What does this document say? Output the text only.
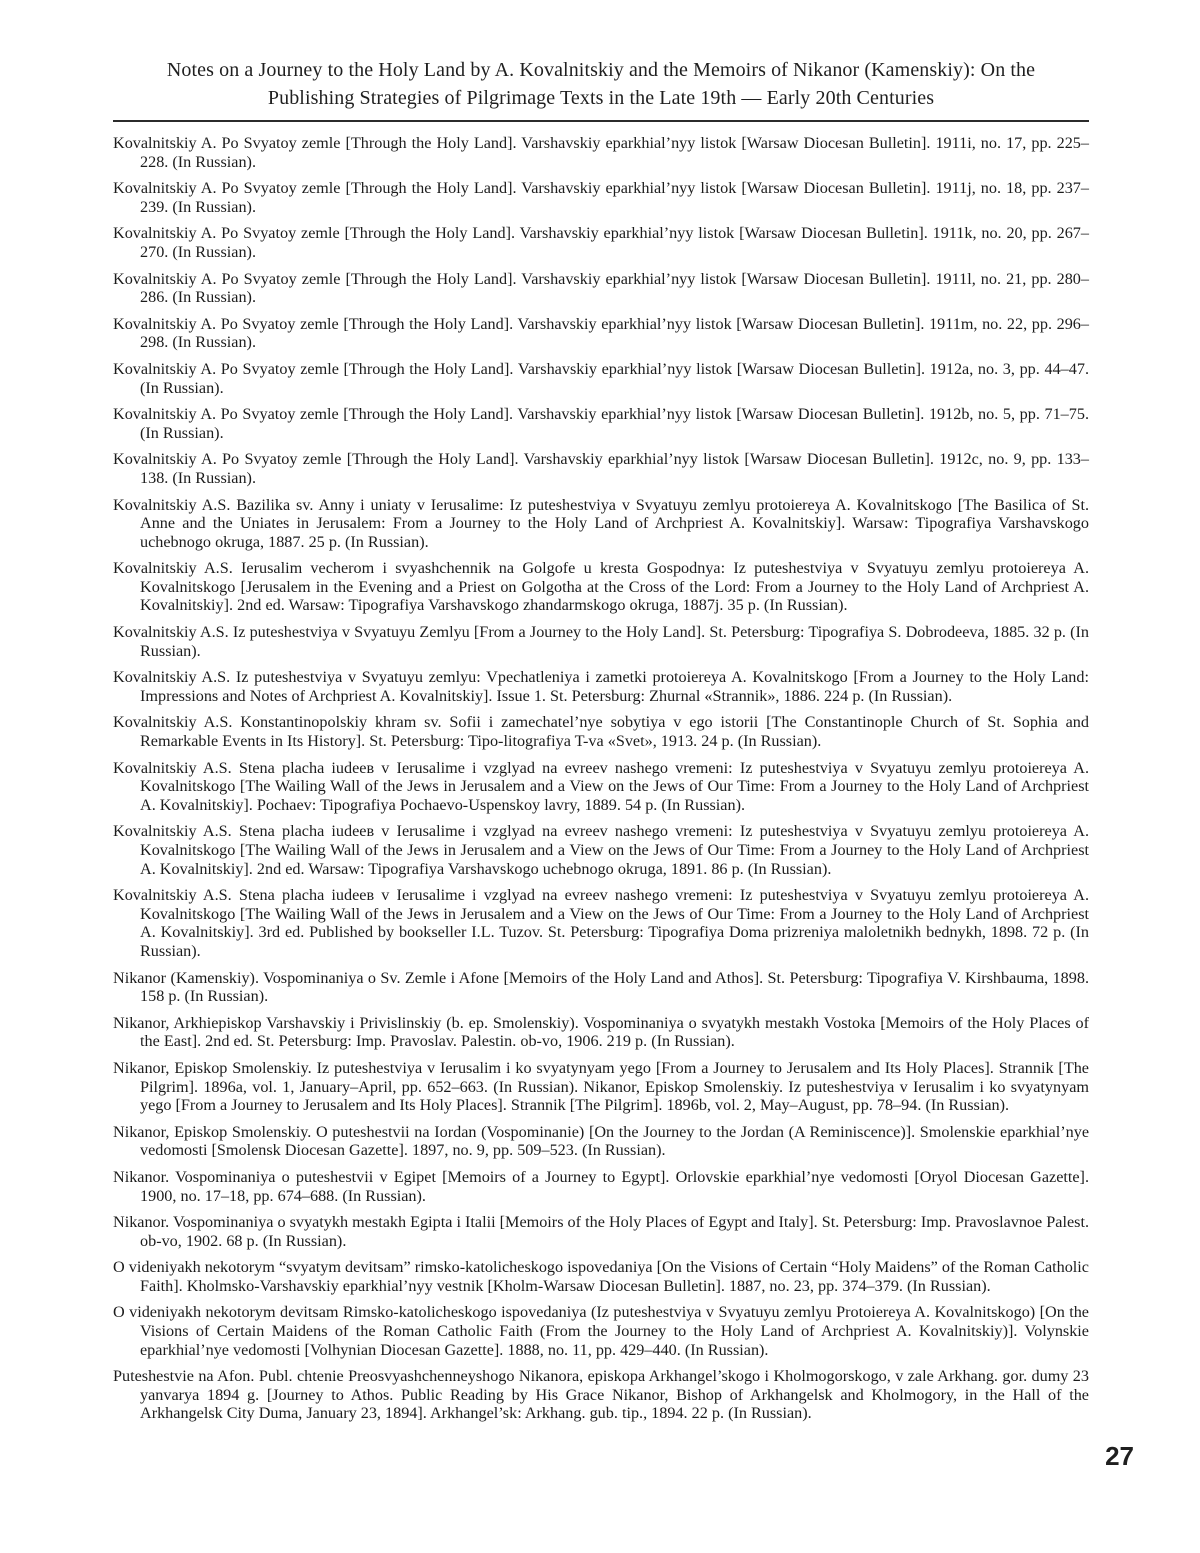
Notes on a Journey to the Holy Land by A. Kovalnitskiy and the Memoirs of Nikanor (Kamenskiy): On the
Publishing Strategies of Pilgrimage Texts in the Late 19th — Early 20th Centuries

Kovalnitskiy A. Po Svyatoy zemle [Through the Holy Land]. Varshavskiy eparkhial’nyy listok [Warsaw Diocesan Bulletin]. 1911i, no. 17, pp. 225–228. (In Russian).

Kovalnitskiy A. Po Svyatoy zemle [Through the Holy Land]. Varshavskiy eparkhial’nyy listok [Warsaw Diocesan Bulletin]. 1911j, no. 18, pp. 237–239. (In Russian).

Kovalnitskiy A. Po Svyatoy zemle [Through the Holy Land]. Varshavskiy eparkhial’nyy listok [Warsaw Diocesan Bulletin]. 1911k, no. 20, pp. 267–270. (In Russian).

Kovalnitskiy A. Po Svyatoy zemle [Through the Holy Land]. Varshavskiy eparkhial’nyy listok [Warsaw Diocesan Bulletin]. 1911l, no. 21, pp. 280–286. (In Russian).

Kovalnitskiy A. Po Svyatoy zemle [Through the Holy Land]. Varshavskiy eparkhial’nyy listok [Warsaw Diocesan Bulletin]. 1911m, no. 22, pp. 296–298. (In Russian).

Kovalnitskiy A. Po Svyatoy zemle [Through the Holy Land]. Varshavskiy eparkhial’nyy listok [Warsaw Diocesan Bulletin]. 1912a, no. 3, pp. 44–47. (In Russian).

Kovalnitskiy A. Po Svyatoy zemle [Through the Holy Land]. Varshavskiy eparkhial’nyy listok [Warsaw Diocesan Bulletin]. 1912b, no. 5, pp. 71–75. (In Russian).

Kovalnitskiy A. Po Svyatoy zemle [Through the Holy Land]. Varshavskiy eparkhial’nyy listok [Warsaw Diocesan Bulletin]. 1912c, no. 9, pp. 133–138. (In Russian).

Kovalnitskiy A.S. Bazilika sv. Anny i uniaty v Ierusalime: Iz puteshestviya v Svyatuyu zemlyu protoiereya A. Kovalnitskogo [The Basilica of St. Anne and the Uniates in Jerusalem: From a Journey to the Holy Land of Archpriest A. Kovalnitskiy]. Warsaw: Tipografiya Varshavskogo uchebnogo okruga, 1887. 25 p. (In Russian).

Kovalnitskiy A.S. Ierusalim vecherom i svyashchennik na Golgofe u kresta Gospodnya: Iz puteshestviya v Svyatuyu zemlyu protoiereya A. Kovalnitskogo [Jerusalem in the Evening and a Priest on Golgotha at the Cross of the Lord: From a Journey to the Holy Land of Archpriest A. Kovalnitskiy]. 2nd ed. Warsaw: Tipografiya Varshavskogo zhandarmskogo okruga, 1887j. 35 p. (In Russian).

Kovalnitskiy A.S. Iz puteshestviya v Svyatuyu Zemlyu [From a Journey to the Holy Land]. St. Petersburg: Tipografiya S. Dobrodeeva, 1885. 32 p. (In Russian).

Kovalnitskiy A.S. Iz puteshestviya v Svyatuyu zemlyu: Vpechatleniya i zametki protoiereya A. Kovalnitskogo [From a Journey to the Holy Land: Impressions and Notes of Archpriest A. Kovalnitskiy]. Issue 1. St. Petersburg: Zhurnal «Strannik», 1886. 224 p. (In Russian).

Kovalnitskiy A.S. Konstantinopolskiy khram sv. Sofii i zamechatel’nye sobytiya v ego istorii [The Constantinople Church of St. Sophia and Remarkable Events in Its History]. St. Petersburg: Tipo-litografiya T-va «Svet», 1913. 24 p. (In Russian).

Kovalnitskiy A.S. Stena placha iudeeв v Ierusalime i vzglyad na evreev nashego vremeni: Iz puteshestviya v Svyatuyu zemlyu protoiereya A. Kovalnitskogo [The Wailing Wall of the Jews in Jerusalem and a View on the Jews of Our Time: From a Journey to the Holy Land of Archpriest A. Kovalnitskiy]. Pochaev: Tipografiya Pochaevo-Uspenskoy lavry, 1889. 54 p. (In Russian).

Kovalnitskiy A.S. Stena placha iudeeв v Ierusalime i vzglyad na evreev nashego vremeni: Iz puteshestviya v Svyatuyu zemlyu protoiereya A. Kovalnitskogo [The Wailing Wall of the Jews in Jerusalem and a View on the Jews of Our Time: From a Journey to the Holy Land of Archpriest A. Kovalnitskiy]. 2nd ed. Warsaw: Tipografiya Varshavskogo uchebnogo okruga, 1891. 86 p. (In Russian).

Kovalnitskiy A.S. Stena placha iudeeв v Ierusalime i vzglyad na evreev nashego vremeni: Iz puteshestviya v Svyatuyu zemlyu protoiereya A. Kovalnitskogo [The Wailing Wall of the Jews in Jerusalem and a View on the Jews of Our Time: From a Journey to the Holy Land of Archpriest A. Kovalnitskiy]. 3rd ed. Published by bookseller I.L. Tuzov. St. Petersburg: Tipografiya Doma prizreniya maloletnikh bednykh, 1898. 72 p. (In Russian).

Nikanor (Kamenskiy). Vospominaniya o Sv. Zemle i Afone [Memoirs of the Holy Land and Athos]. St. Petersburg: Tipografiya V. Kirshbauma, 1898. 158 p. (In Russian).

Nikanor, Arkhiepiskop Varshavskiy i Privislinskiy (b. ep. Smolenskiy). Vospominaniya o svyatykh mestakh Vostoka [Memoirs of the Holy Places of the East]. 2nd ed. St. Petersburg: Imp. Pravoslav. Palestin. ob-vo, 1906. 219 p. (In Russian).

Nikanor, Episkop Smolenskiy. Iz puteshestviya v Ierusalim i ko svyatynyam yego [From a Journey to Jerusalem and Its Holy Places]. Strannik [The Pilgrim]. 1896a, vol. 1, January–April, pp. 652–663. (In Russian). Nikanor, Episkop Smolenskiy. Iz puteshestviya v Ierusalim i ko svyatynyam yego [From a Journey to Jerusalem and Its Holy Places]. Strannik [The Pilgrim]. 1896b, vol. 2, May–August, pp. 78–94. (In Russian).

Nikanor, Episkop Smolenskiy. O puteshestvii na Iordan (Vospominanie) [On the Journey to the Jordan (A Reminiscence)]. Smolenskie eparkhial’nye vedomosti [Smolensk Diocesan Gazette]. 1897, no. 9, pp. 509–523. (In Russian).

Nikanor. Vospominaniya o puteshestvii v Egipet [Memoirs of a Journey to Egypt]. Orlovskie eparkhial’nye vedomosti [Oryol Diocesan Gazette]. 1900, no. 17–18, pp. 674–688. (In Russian).

Nikanor. Vospominaniya o svyatykh mestakh Egipta i Italii [Memoirs of the Holy Places of Egypt and Italy]. St. Petersburg: Imp. Pravoslavnoe Palest. ob-vo, 1902. 68 p. (In Russian).

O videniyakh nekotorym “svyatym devitsam” rimsko-katolicheskogo ispovedaniya [On the Visions of Certain “Holy Maidens” of the Roman Catholic Faith]. Kholmsko-Varshavskiy eparkhial’nyy vestnik [Kholm-Warsaw Diocesan Bulletin]. 1887, no. 23, pp. 374–379. (In Russian).

O videniyakh nekotorym devitsam Rimsko-katolicheskogo ispovedaniya (Iz puteshestviya v Svyatuyu zemlyu Protoiereya A. Kovalnitskogo) [On the Visions of Certain Maidens of the Roman Catholic Faith (From the Journey to the Holy Land of Archpriest A. Kovalnitskiy)]. Volynskie eparkhial’nye vedomosti [Volhynian Diocesan Gazette]. 1888, no. 11, pp. 429–440. (In Russian).

Puteshestvie na Afon. Publ. chtenie Preosvyashchenneyshogo Nikanora, episkopa Arkhangel’skogo i Kholmogorskogo, v zale Arkhang. gor. dumy 23 yanvarya 1894 g. [Journey to Athos. Public Reading by His Grace Nikanor, Bishop of Arkhangelsk and Kholmogory, in the Hall of the Arkhangelsk City Duma, January 23, 1894]. Arkhangel’sk: Arkhang. gub. tip., 1894. 22 p. (In Russian).

27
